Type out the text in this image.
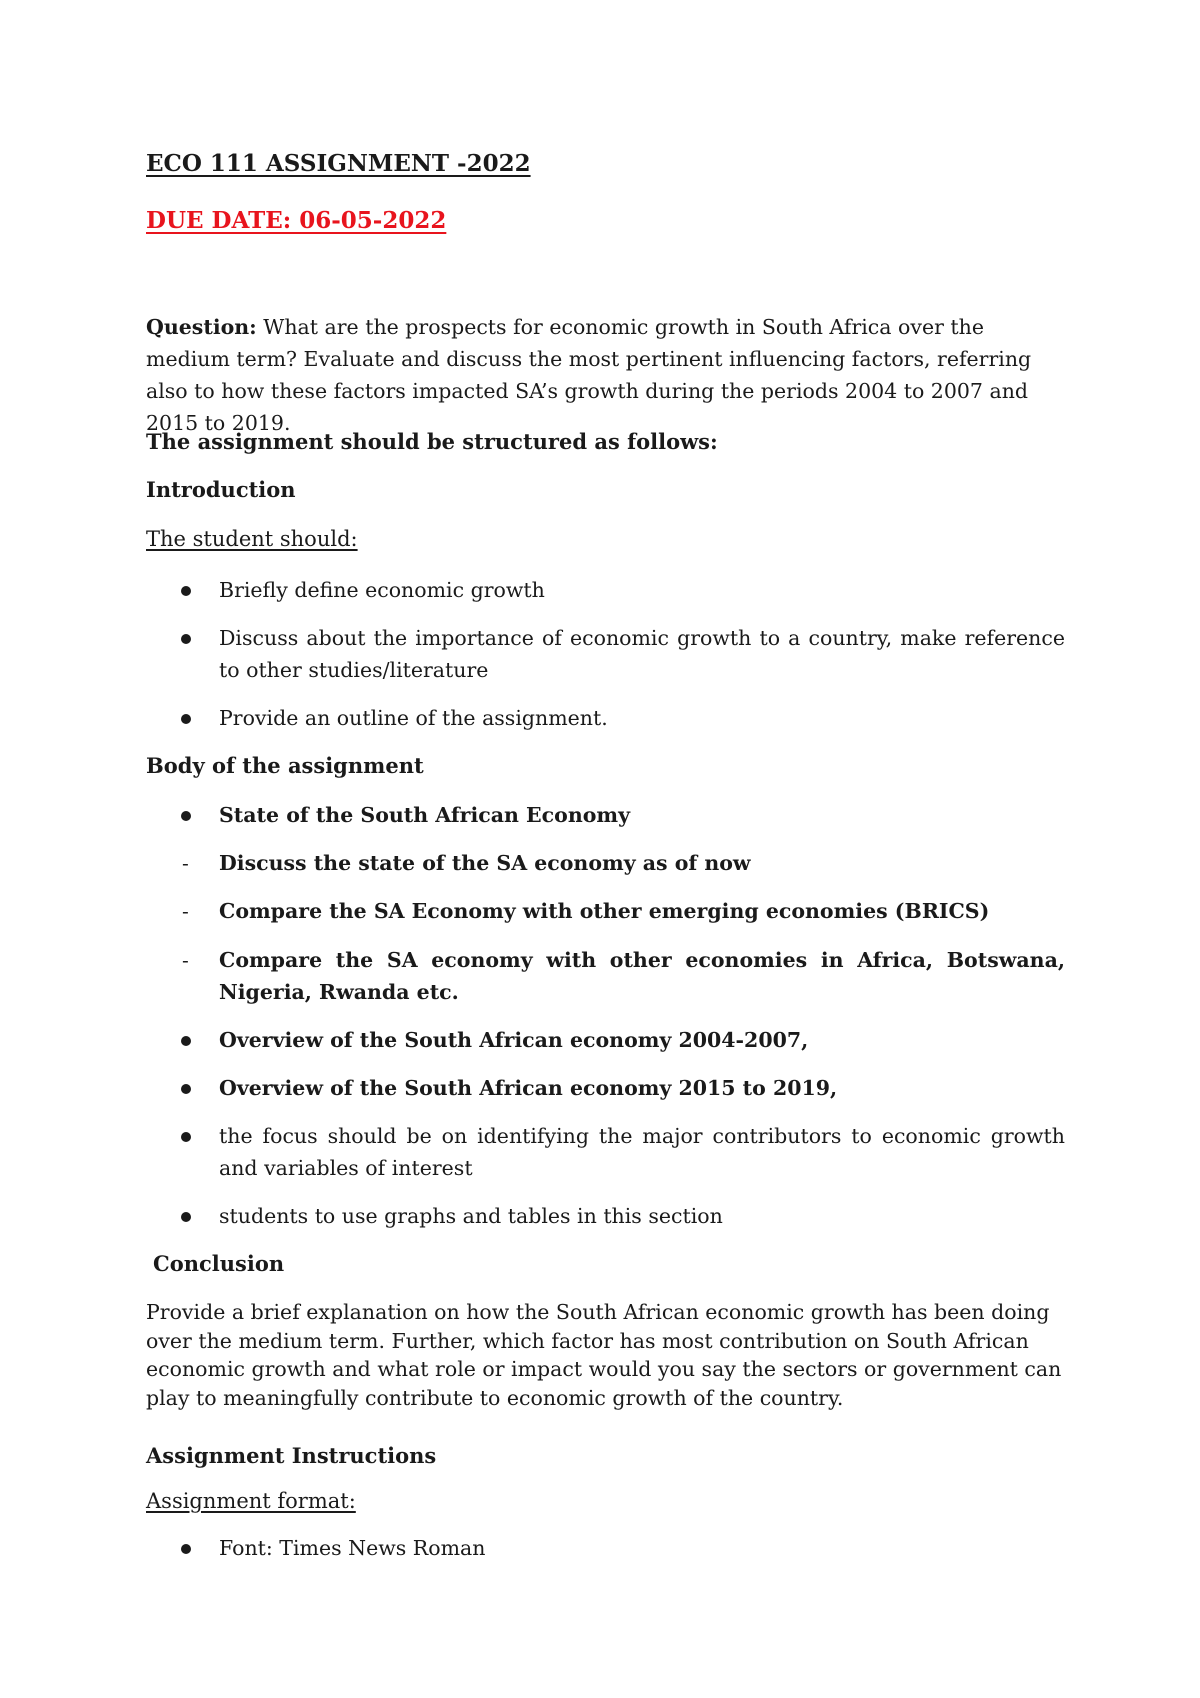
ECO 111 ASSIGNMENT -2022
DUE DATE: 06-05-2022
Question: What are the prospects for economic growth in South Africa over the medium term? Evaluate and discuss the most pertinent influencing factors, referring also to how these factors impacted SA’s growth during the periods 2004 to 2007 and 2015 to 2019.
The assignment should be structured as follows:
Introduction
The student should:
Briefly define economic growth
Discuss about the importance of economic growth to a country, make reference to other studies/literature
Provide an outline of the assignment.
Body of the assignment
State of the South African Economy
- Discuss the state of the SA economy as of now
- Compare the SA Economy with other emerging economies (BRICS)
- Compare the SA economy with other economies in Africa, Botswana, Nigeria, Rwanda etc.
Overview of the South African economy 2004-2007,
Overview of the South African economy 2015 to 2019,
the focus should be on identifying the major contributors to economic growth and variables of interest
students to use graphs and tables in this section
Conclusion
Provide a brief explanation on how the South African economic growth has been doing over the medium term. Further, which factor has most contribution on South African economic growth and what role or impact would you say the sectors or government can play to meaningfully contribute to economic growth of the country.
Assignment Instructions
Assignment format:
Font: Times News Roman
